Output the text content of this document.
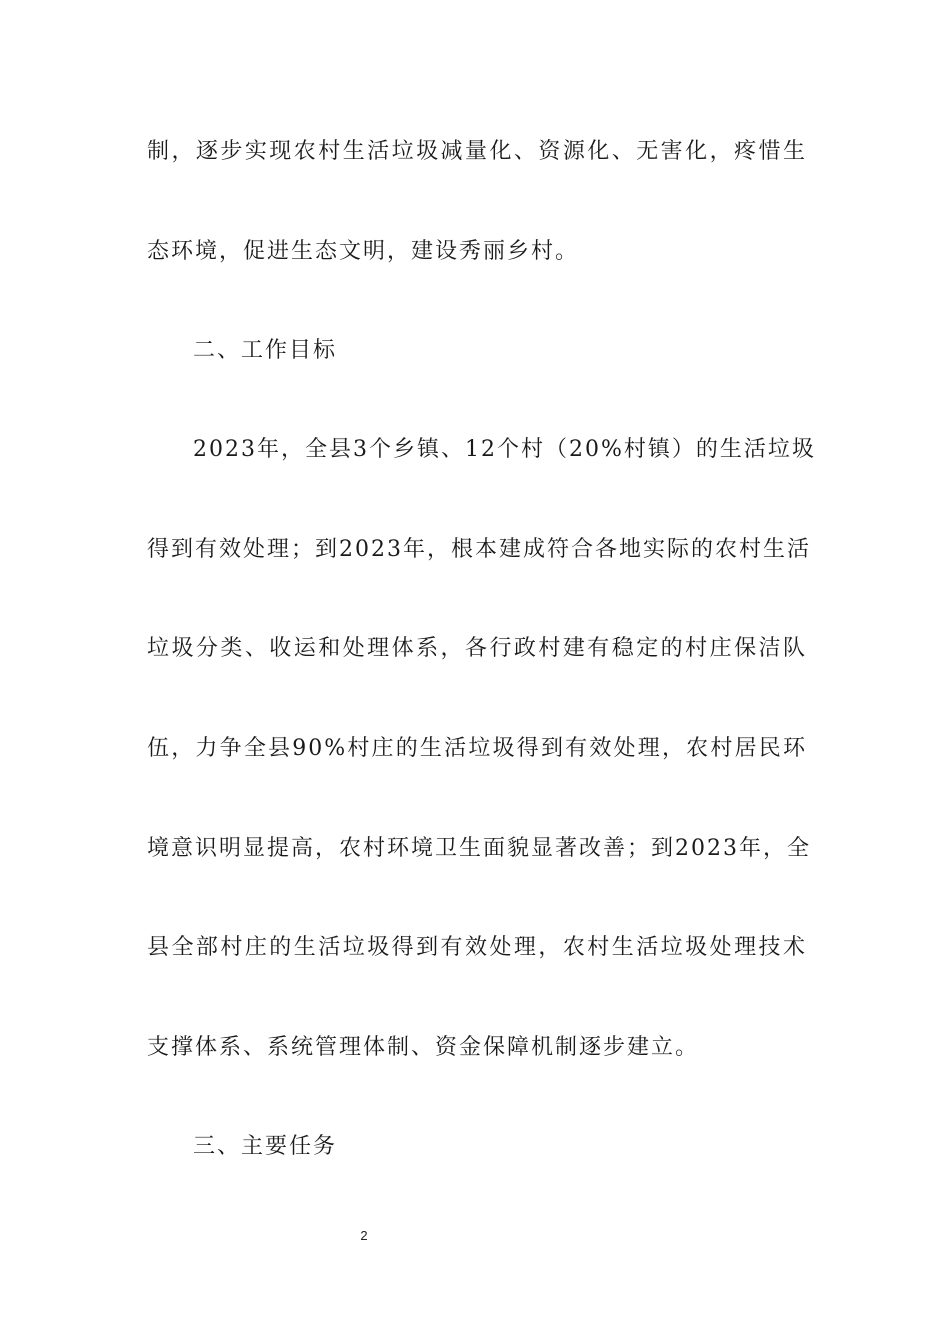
制，逐步实现农村生活垃圾减量化、资源化、无害化，疼惜生
态环境，促进生态文明，建设秀丽乡村。
二、工作目标
2023年，全县3个乡镇、12个村（20%村镇）的生活垃圾
得到有效处理；到2023年，根本建成符合各地实际的农村生活
垃圾分类、收运和处理体系，各行政村建有稳定的村庄保洁队
伍，力争全县90%村庄的生活垃圾得到有效处理，农村居民环
境意识明显提高，农村环境卫生面貌显著改善；到2023年，全
县全部村庄的生活垃圾得到有效处理，农村生活垃圾处理技术
支撑体系、系统管理体制、资金保障机制逐步建立。
三、主要任务
2
